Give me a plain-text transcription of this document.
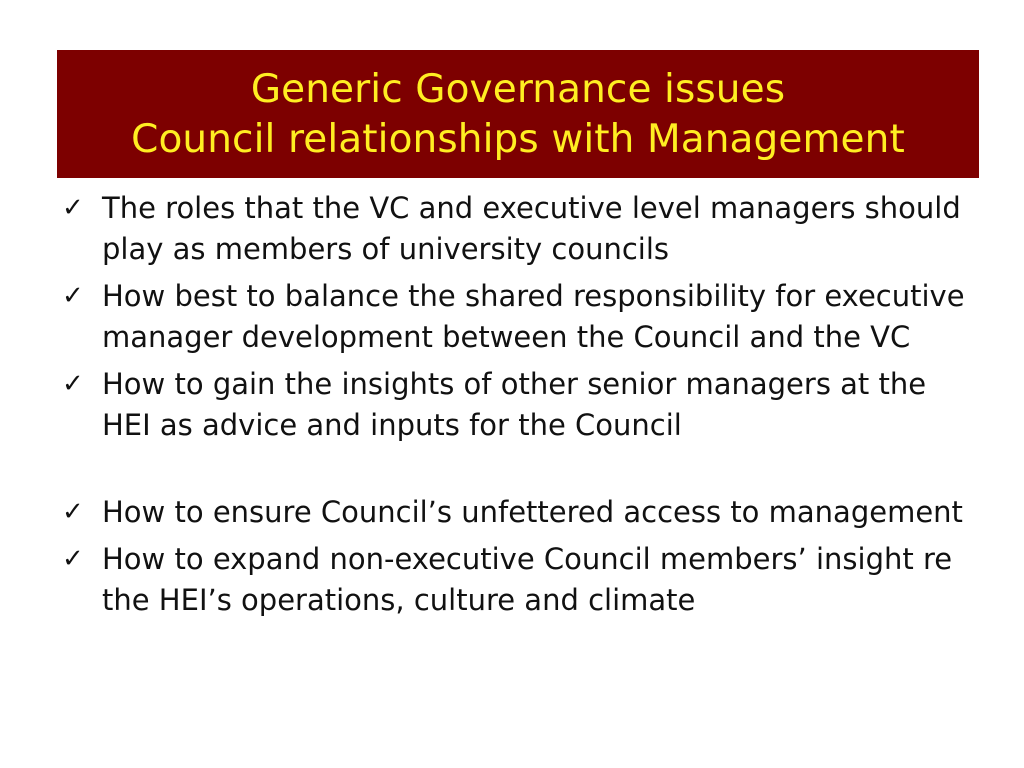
Generic Governance issues
Council relationships with Management
✓ The roles that the VC and executive level managers should play as members of university councils
✓ How best to balance the shared responsibility for executive manager development between the Council and the VC
✓ How to gain the insights of other senior managers at the HEI as advice and inputs for the Council
✓ How to ensure Council’s unfettered access to management
✓ How to expand non-executive Council members’ insight re the HEI’s operations, culture and climate
